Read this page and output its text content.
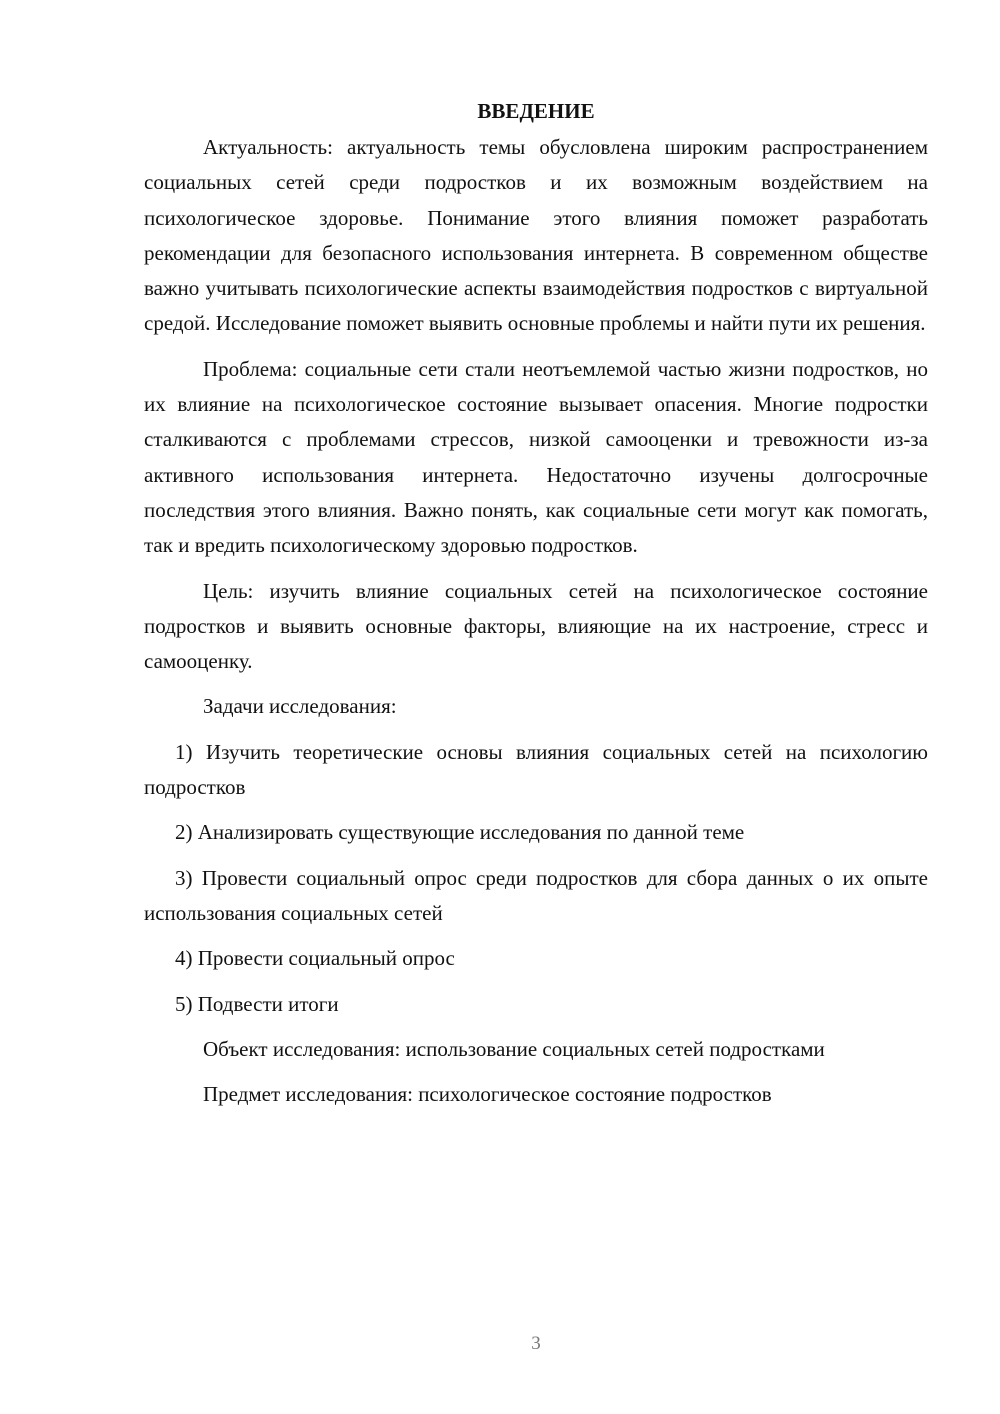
ВВЕДЕНИЕ

Актуальность: актуальность темы обусловлена широким распространением социальных сетей среди подростков и их возможным воздействием на психологическое здоровье. Понимание этого влияния поможет разработать рекомендации для безопасного использования интернета. В современном обществе важно учитывать психологические аспекты взаимодействия подростков с виртуальной средой. Исследование поможет выявить основные проблемы и найти пути их решения.

Проблема: социальные сети стали неотъемлемой частью жизни подростков, но их влияние на психологическое состояние вызывает опасения. Многие подростки сталкиваются с проблемами стрессов, низкой самооценки и тревожности из-за активного использования интернета. Недостаточно изучены долгосрочные последствия этого влияния. Важно понять, как социальные сети могут как помогать, так и вредить психологическому здоровью подростков.

Цель: изучить влияние социальных сетей на психологическое состояние подростков и выявить основные факторы, влияющие на их настроение, стресс и самооценку.

Задачи исследования:

1) Изучить теоретические основы влияния социальных сетей на психологию подростков

2) Анализировать существующие исследования по данной теме

3) Провести социальный опрос среди подростков для сбора данных о их опыте использования социальных сетей

4) Провести социальный опрос

5) Подвести итоги

Объект исследования: использование социальных сетей подростками

Предмет исследования: психологическое состояние подростков

3
